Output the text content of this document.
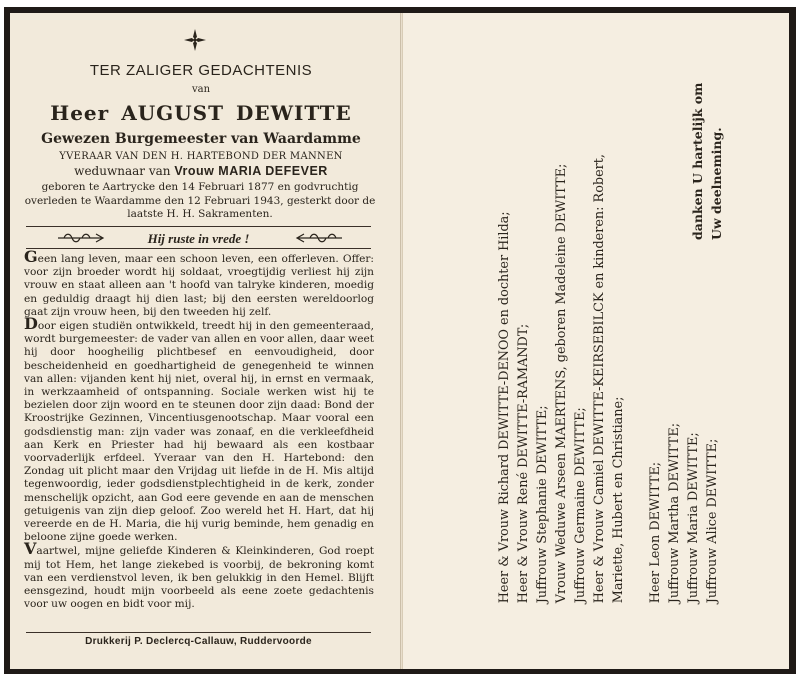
TER ZALIGER GEDACHTENIS
van
Heer AUGUST DEWITTE
Gewezen Burgemeester van Waardamme
YVERAAR VAN DEN H. HARTEBOND DER MANNEN
weduwnaar van Vrouw MARIA DEFEVER
geboren te Aartrycke den 14 Februari 1877 en godvruchtig overleden te Waardamme den 12 Februari 1943, gesterkt door de laatste H. H. Sakramenten.
Hij ruste in vrede !

Geen lang leven, maar een schoon leven, een offerleven. Offer: voor zijn broeder wordt hij soldaat, vroegtijdig verliest hij zijn vrouw en staat alleen aan 't hoofd van talryke kinderen, moedig en geduldig draagt hij dien last; bij den eersten wereldoorlog gaat zijn vrouw heen, bij den tweeden hij zelf.

Door eigen studiën ontwikkeld, treedt hij in den gemeenteraad, wordt burgemeester: de vader van allen en voor allen, daar weet hij door hoogheilig plichtbesef en eenvoudigheid, door bescheidenheid en goedhartigheid de genegenheid te winnen van allen: vijanden kent hij niet, overal hij, in ernst en vermaak, in werkzaamheid of ontspanning. Sociale werken wist hij te bezielen door zijn woord en te steunen door zijn daad: Bond der Kroostrijke Gezinnen, Vincentiusgenootschap. Maar vooral een godsdienstig man: zijn vader was zonaaf, en die verkleefdheid aan Kerk en Priester had hij bewaard als een kostbaar voorvaderlijk erfdeel. Yveraar van den H. Hartebond: den Zondag uit plicht maar den Vrijdag uit liefde in de H. Mis altijd tegenwoordig, ieder godsdienstplechtigheid in de kerk, zonder menschelijk opzicht, aan God eere gevende en aan de menschen getuigenis van zijn diep geloof. Zoo wereld het H. Hart, dat hij vereerde en de H. Maria, die hij vurig beminde, hem genadig en beloone zijne goede werken.

Vaartwel, mijne geliefde Kinderen & Kleinkinderen, God roept mij tot Hem, het lange ziekebed is voorbij, de bekroning komt van een verdienstvol leven, ik ben gelukkig in den Hemel. Blijft eensgezind, houdt mijn voorbeeld als eene zoete gedachtenis voor uw oogen en bidt voor mij.

Drukkerij P. Declercq-Callauw, Ruddervoorde
Heer & Vrouw Richard DEWITTE-DENOO en dochter Hilda; Heer & Vrouw René DEWITTE-RAMANDT; Juffrouw Stephanie DEWITTE; Vrouw Weduwe Arseen MAERTENS, geboren Madeleine DEWITTE; Juffrouw Germaine DEWITTE; Heer & Vrouw Camiel DEWITTE-KEIRSEBILCK en kinderen: Robert, Mariette, Hubert en Christiane; Heer Leon DEWITTE; Juffrouw Martha DEWITTE; Juffrouw Maria DEWITTE; Juffrouw Alice DEWITTE;
danken U hartelijk om Uw deelneming.
